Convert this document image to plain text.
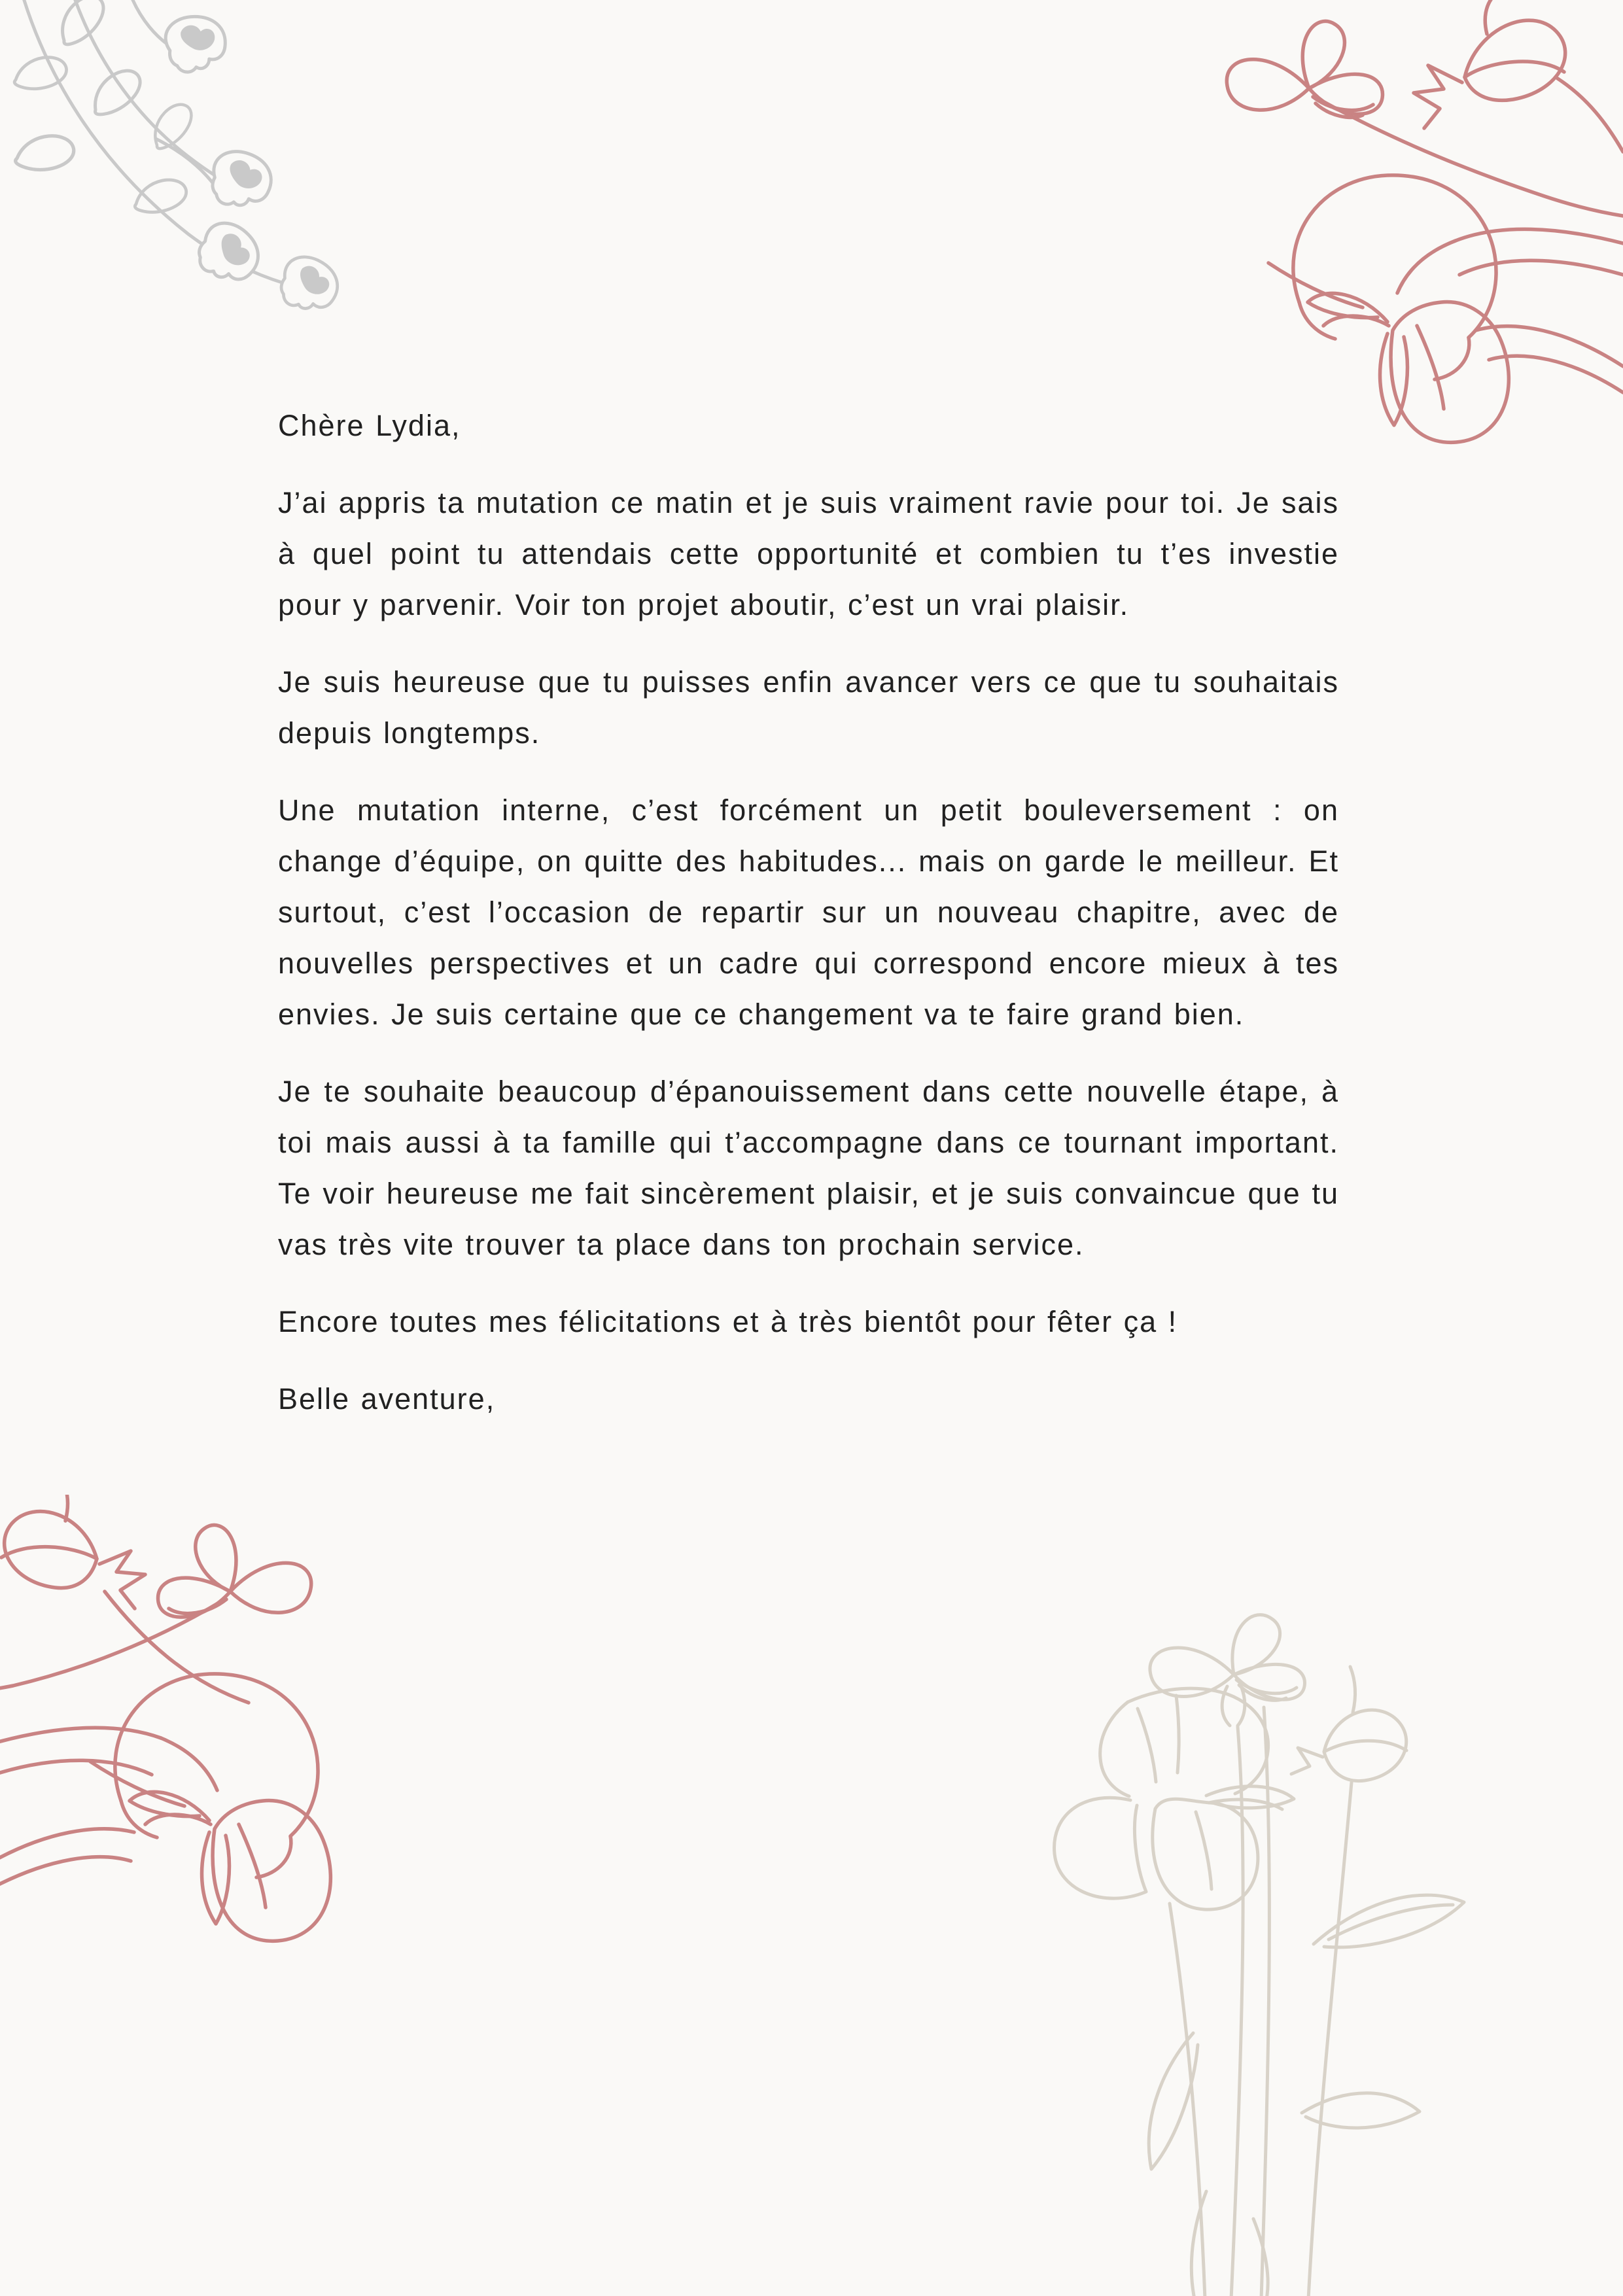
Chère Lydia,

J’ai appris ta mutation ce matin et je suis vraiment ravie pour toi. Je sais à quel point tu attendais cette opportunité et combien tu t’es investie pour y parvenir. Voir ton projet aboutir, c’est un vrai plaisir.

Je suis heureuse que tu puisses enfin avancer vers ce que tu souhaitais depuis longtemps.

Une mutation interne, c’est forcément un petit bouleversement : on change d’équipe, on quitte des habitudes... mais on garde le meilleur. Et surtout, c’est l’occasion de repartir sur un nouveau chapitre, avec de nouvelles perspectives et un cadre qui correspond encore mieux à tes envies. Je suis certaine que ce changement va te faire grand bien.

Je te souhaite beaucoup d’épanouissement dans cette nouvelle étape, à toi mais aussi à ta famille qui t’accompagne dans ce tournant important. Te voir heureuse me fait sincèrement plaisir, et je suis convaincue que tu vas très vite trouver ta place dans ton prochain service.

Encore toutes mes félicitations et à très bientôt pour fêter ça !

Belle aventure,
